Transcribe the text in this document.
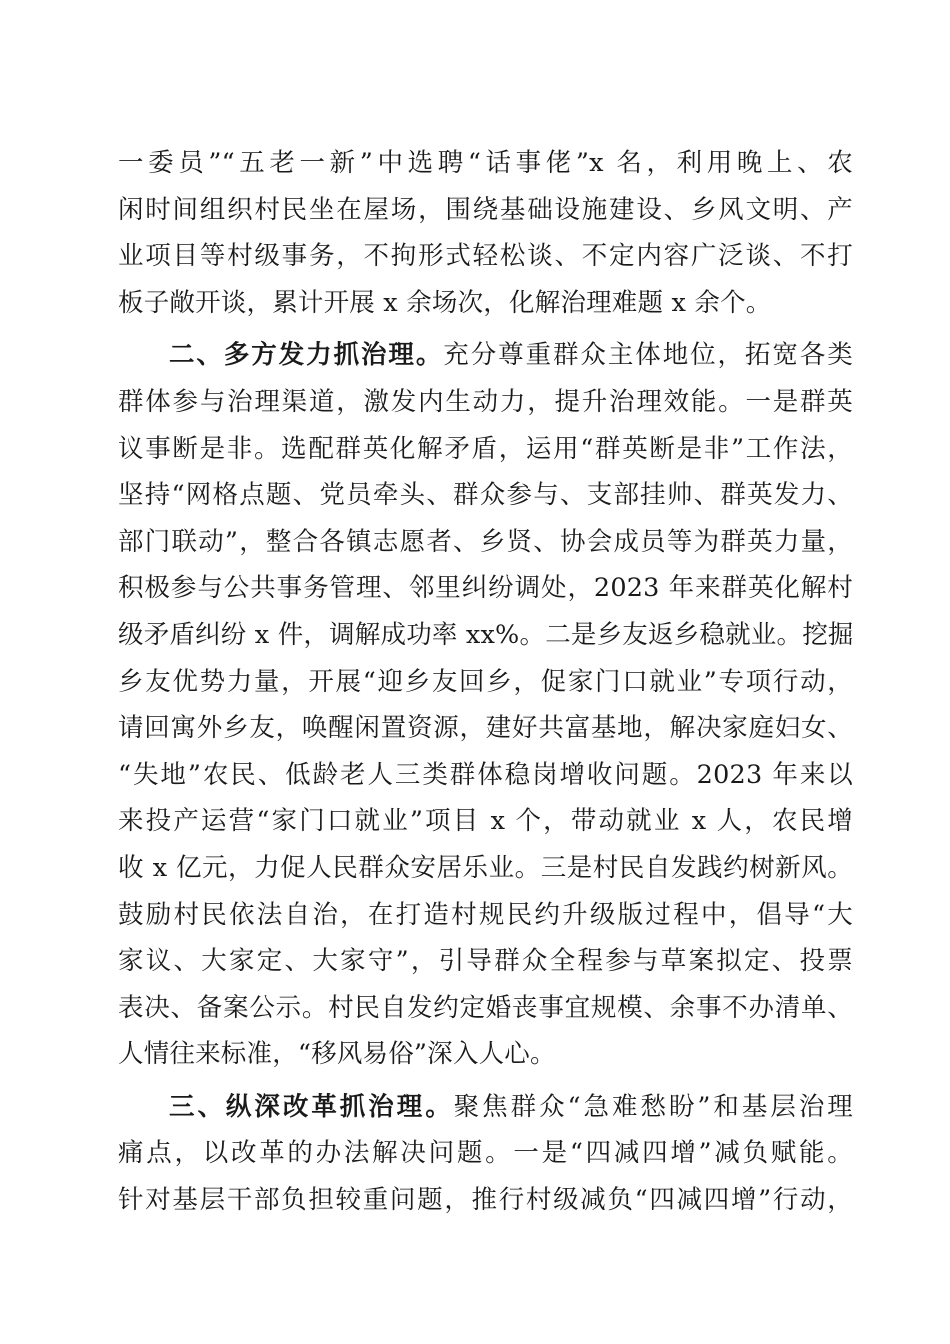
一委员”“五老一新”中选聘“话事佬”x 名，利用晚上、农
闲时间组织村民坐在屋场，围绕基础设施建设、乡风文明、产
业项目等村级事务，不拘形式轻松谈、不定内容广泛谈、不打
板子敞开谈，累计开展 x 余场次，化解治理难题 x 余个。
二、多方发力抓治理。充分尊重群众主体地位，拓宽各类
群体参与治理渠道，激发内生动力，提升治理效能。一是群英
议事断是非。选配群英化解矛盾，运用“群英断是非”工作法，
坚持“网格点题、党员牵头、群众参与、支部挂帅、群英发力、
部门联动”，整合各镇志愿者、乡贤、协会成员等为群英力量，
积极参与公共事务管理、邻里纠纷调处，2023 年来群英化解村
级矛盾纠纷 x 件，调解成功率 xx%。二是乡友返乡稳就业。挖掘
乡友优势力量，开展“迎乡友回乡，促家门口就业”专项行动，
请回寓外乡友，唤醒闲置资源，建好共富基地，解决家庭妇女、
“失地”农民、低龄老人三类群体稳岗增收问题。2023 年来以
来投产运营“家门口就业”项目 x 个，带动就业 x 人，农民增
收 x 亿元，力促人民群众安居乐业。三是村民自发践约树新风。
鼓励村民依法自治，在打造村规民约升级版过程中，倡导“大
家议、大家定、大家守”，引导群众全程参与草案拟定、投票
表决、备案公示。村民自发约定婚丧事宜规模、余事不办清单、
人情往来标准，“移风易俗”深入人心。
三、纵深改革抓治理。聚焦群众“急难愁盼”和基层治理
痛点，以改革的办法解决问题。一是“四减四增”减负赋能。
针对基层干部负担较重问题，推行村级减负“四减四增”行动，
